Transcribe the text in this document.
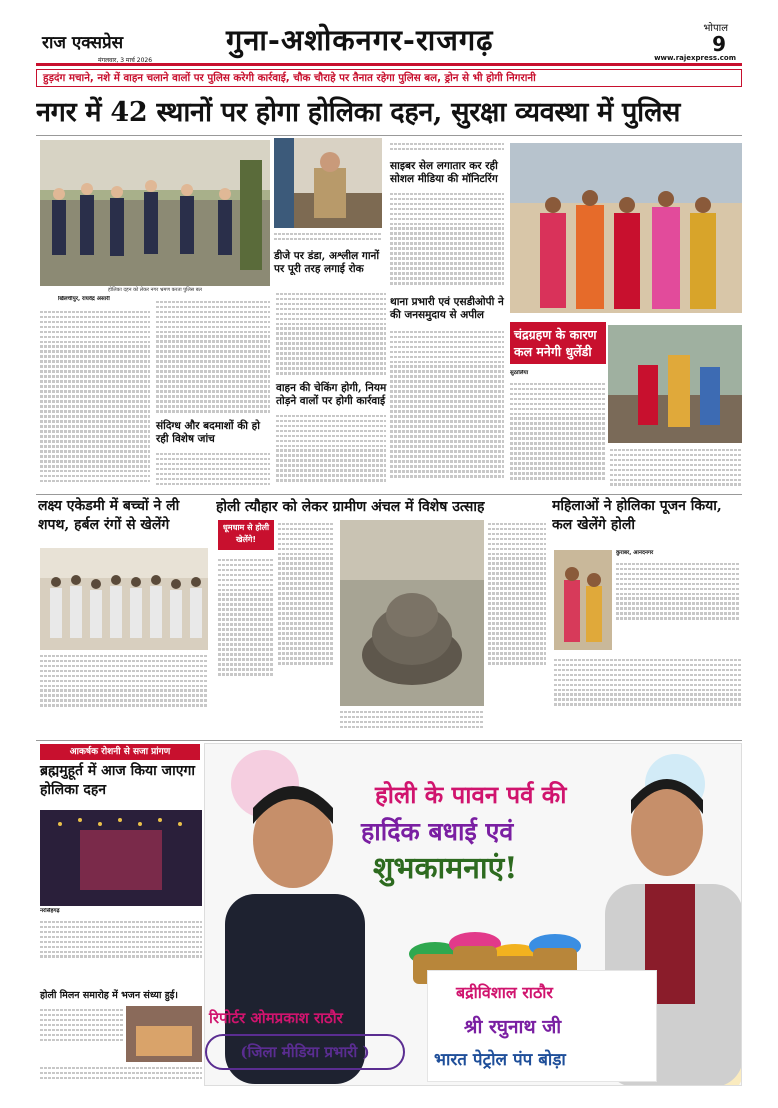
राज एक्सप्रेस
मंगलवार, 3 मार्च 2026
गुना-अशोकनगर-राजगढ़	भोपाल
9
www.rajexpress.com
हुड़दंग मचाने, नशे में वाहन चलाने वालों पर पुलिस करेगी कार्रवाई, चौक चौराहे पर तैनात रहेगा पुलिस बल, ड्रोन से भी होगी निगरानी
नगर में 42 स्थानों पर होगा होलिका दहन, सुरक्षा व्यवस्था में पुलिस
होलिका दहन को लेकर नगर भ्रमण करता पुलिस बल
डीजे पर डंडा, अश्लील गानों पर पूरी तरह लगाई रोक
खिलचीपुर, राघवेंद्र अंसारी
संदिग्ध और बदमाशों की हो रही विशेष जांच
वाहन की चेकिंग होगी, नियम तोड़ने वालों पर होगी कार्रवाई
साइबर सेल लगातार कर रही सोशल मीडिया की मॉनिटरिंग
थाना प्रभारी एवं एसडीओपी ने की जनसमुदाय से अपील
चंद्रग्रहण के कारण कल मनेगी धुलेंडी
सुठालिया
लक्ष्य एकेडमी में बच्चों ने ली शपथ, हर्बल रंगों से खेलेंगे
होली त्यौहार को लेकर ग्रामीण अंचल में विशेष उत्साह
धूमधाम से होली खेलेंगे!
महिलाओं ने होलिका पूजन किया, कल खेलेंगे होली
कुराबर, आनंदनगर
आकर्षक रोशनी से सजा प्रांगण
ब्रह्ममुहूर्त में आज किया जाएगा होलिका दहन
नरसिंहगढ़
होली मिलन समारोह में भजन संध्या हुई।
होली के पावन पर्व की
हार्दिक बधाई एवं
शुभकामनाएं!
रिपोर्टर ओमप्रकाश राठौर
(जिला मीडिया प्रभारी )
बद्रीविशाल राठौर
श्री रघुनाथ जी
भारत पेट्रोल पंप बोड़ा
